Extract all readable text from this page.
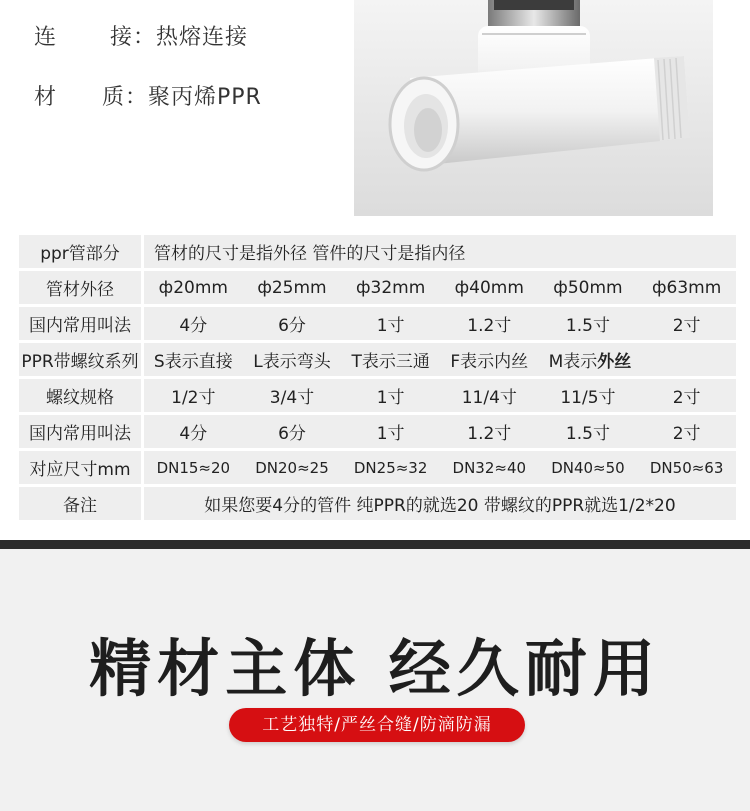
连 接：热熔连接
材 质：聚丙烯PPR
ppr管部分	管材的尺寸是指外径 管件的尺寸是指内径					
管材外径	ф20mm	ф25mm	ф32mm	ф40mm	ф50mm	ф63mm
国内常用叫法	4分	6分	1寸	1.2寸	1.5寸	2寸
PPR带螺纹系列	S表示直接	L表示弯头	T表示三通	F表示内丝	M表示外丝	
螺纹规格	1/2寸	3/4寸	1寸	11/4寸	11/5寸	2寸
国内常用叫法	4分	6分	1寸	1.2寸	1.5寸	2寸
对应尺寸mm	DN15≈20	DN20≈25	DN25≈32	DN32≈40	DN40≈50	DN50≈63
备注	如果您要4分的管件 纯PPR的就选20 带螺纹的PPR就选1/2*20					
精材主体 经久耐用
工艺独特/严丝合缝/防滴防漏
